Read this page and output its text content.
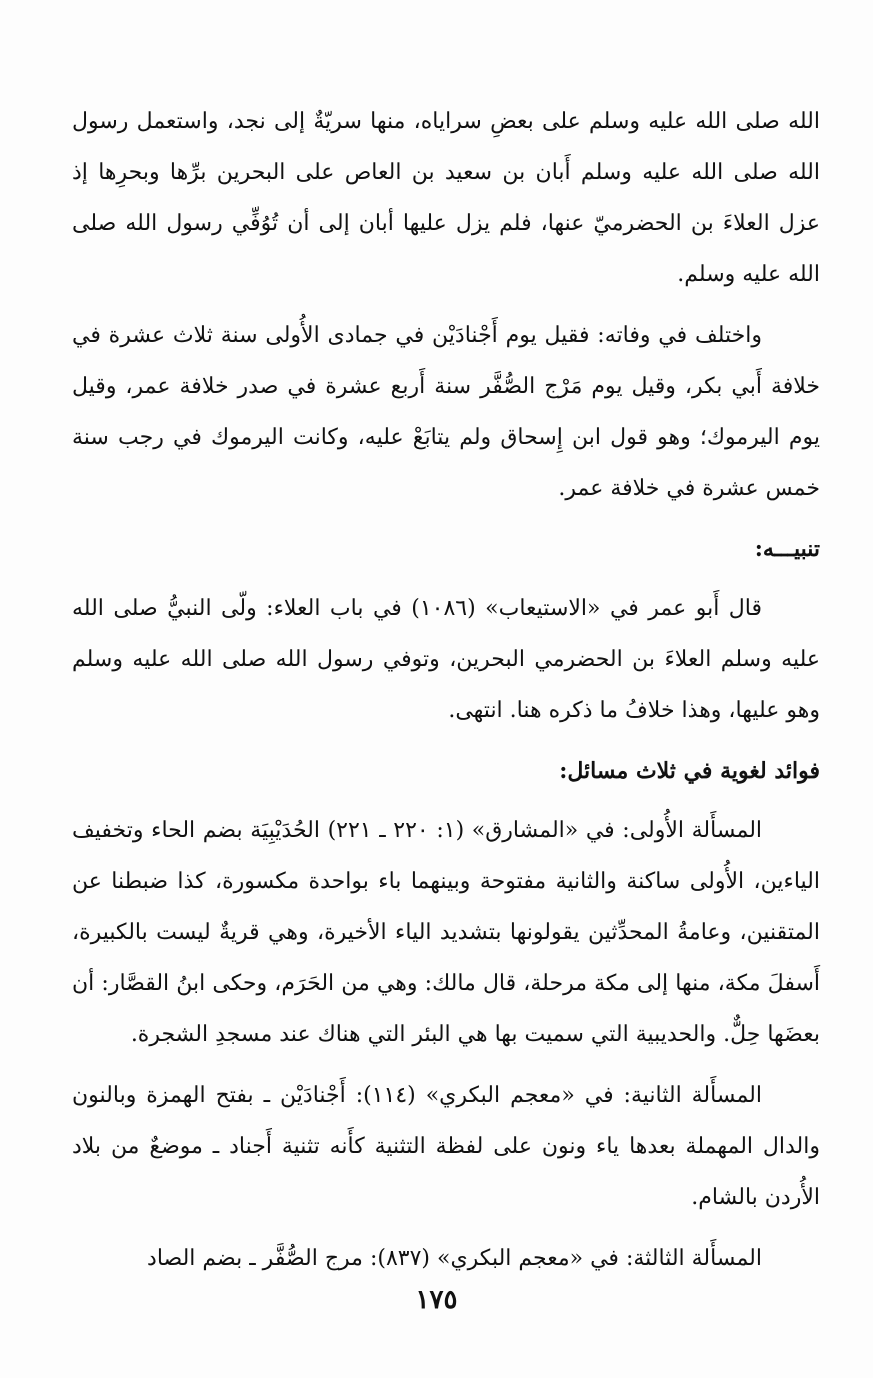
الله صلى الله عليه وسلم على بعضِ سراياه، منها سريّةٌ إلى نجد، واستعمل رسول الله صلى الله عليه وسلم أَبان بن سعيد بن العاص على البحرين برِّها وبحرِها إذ عزل العلاءَ بن الحضرميّ عنها، فلم يزل عليها أبان إلى أن تُوُفِّي رسول الله صلى الله عليه وسلم.

واختلف في وفاته: فقيل يوم أَجْنادَيْن في جمادى الأُولى سنة ثلاث عشرة في خلافة أَبي بكر، وقيل يوم مَرْج الصُّفَّر سنة أَربع عشرة في صدر خلافة عمر، وقيل يوم اليرموك؛ وهو قول ابن إِسحاق ولم يتابَعْ عليه، وكانت اليرموك في رجب سنة خمس عشرة في خلافة عمر.

تنبيـــه:

قال أَبو عمر في «الاستيعاب» (١٠٨٦) في باب العلاء: ولّى النبيُّ صلى الله عليه وسلم العلاءَ بن الحضرمي البحرين، وتوفي رسول الله صلى الله عليه وسلم وهو عليها، وهذا خلافُ ما ذكره هنا. انتهى.

فوائد لغوية في ثلاث مسائل:

المسأَلة الأُولى: في «المشارق» (١: ٢٢٠ ـ ٢٢١) الحُدَيْبِيَة بضم الحاء وتخفيف الياءين، الأُولى ساكنة والثانية مفتوحة وبينهما باء بواحدة مكسورة، كذا ضبطنا عن المتقنين، وعامةُ المحدِّثين يقولونها بتشديد الياء الأخيرة، وهي قريةٌ ليست بالكبيرة، أَسفلَ مكة، منها إلى مكة مرحلة، قال مالك: وهي من الحَرَم، وحكى ابنُ القصَّار: أن بعضَها حِلٌّ. والحديبية التي سميت بها هي البئر التي هناك عند مسجدِ الشجرة.

المسأَلة الثانية: في «معجم البكري» (١١٤): أَجْنادَيْن ـ بفتح الهمزة وبالنون والدال المهملة بعدها ياء ونون على لفظة التثنية كأَنه تثنية أَجناد ـ موضعٌ من بلاد الأُردن بالشام.

المسأَلة الثالثة: في «معجم البكري» (٨٣٧): مرج الصُّفَّر ـ بضم الصاد

١٧٥
